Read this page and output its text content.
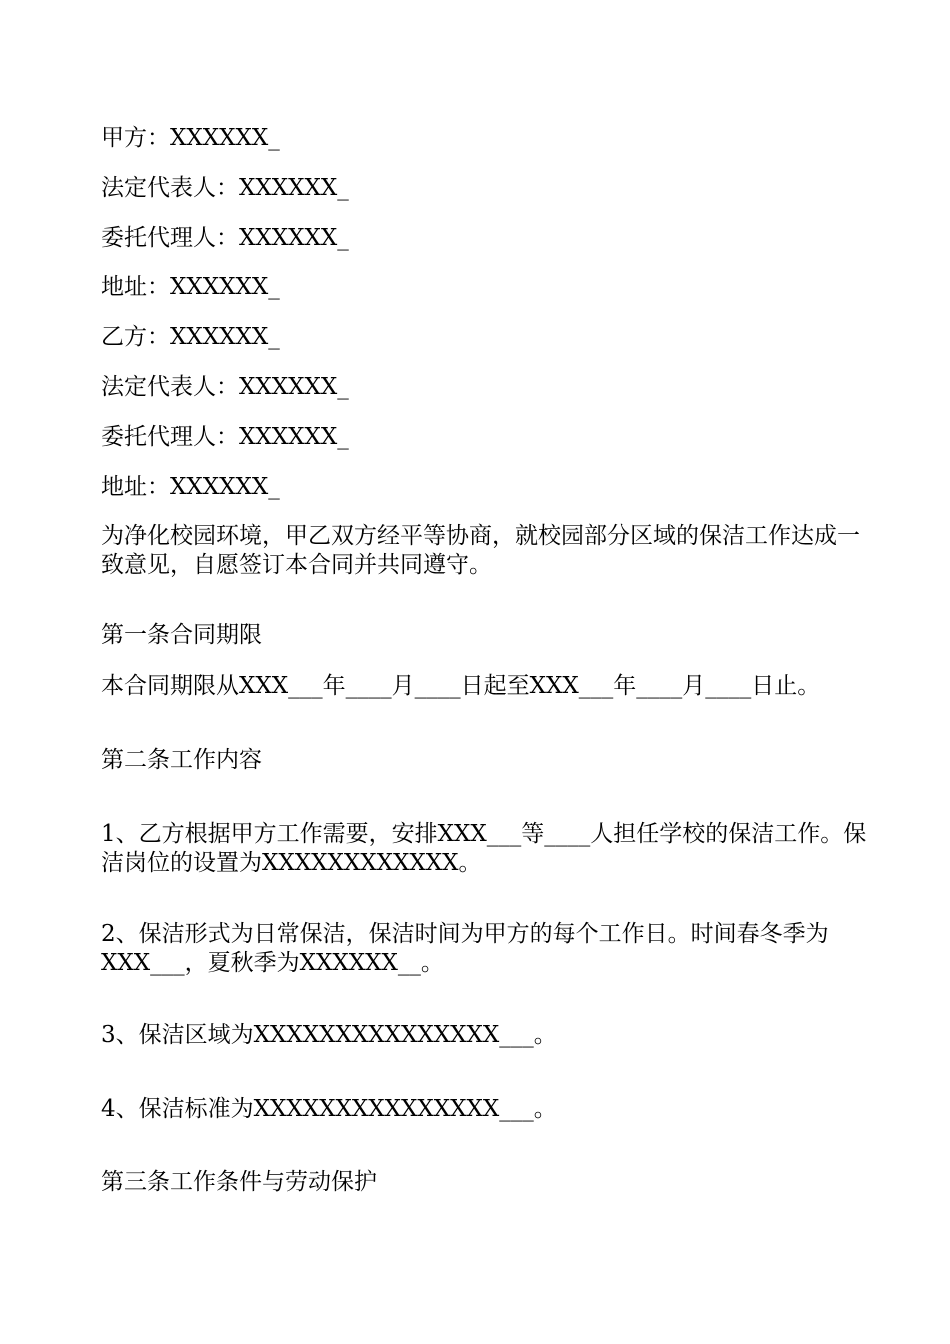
甲方：XXXXXX_

法定代表人：XXXXXX_

委托代理人：XXXXXX_

地址：XXXXXX_

乙方：XXXXXX_

法定代表人：XXXXXX_

委托代理人：XXXXXX_

地址：XXXXXX_

为净化校园环境，甲乙双方经平等协商，就校园部分区域的保洁工作达成一致意见，自愿签订本合同并共同遵守。

第一条合同期限

本合同期限从XXX___年____月____日起至XXX___年____月____日止。

第二条工作内容

1、乙方根据甲方工作需要，安排XXX___等____人担任学校的保洁工作。保洁岗位的设置为XXXXXXXXXXXX。

2、保洁形式为日常保洁，保洁时间为甲方的每个工作日。时间春冬季为XXX___，夏秋季为XXXXXX__。

3、保洁区域为XXXXXXXXXXXXXXX___。

4、保洁标准为XXXXXXXXXXXXXXX___。

第三条工作条件与劳动保护
